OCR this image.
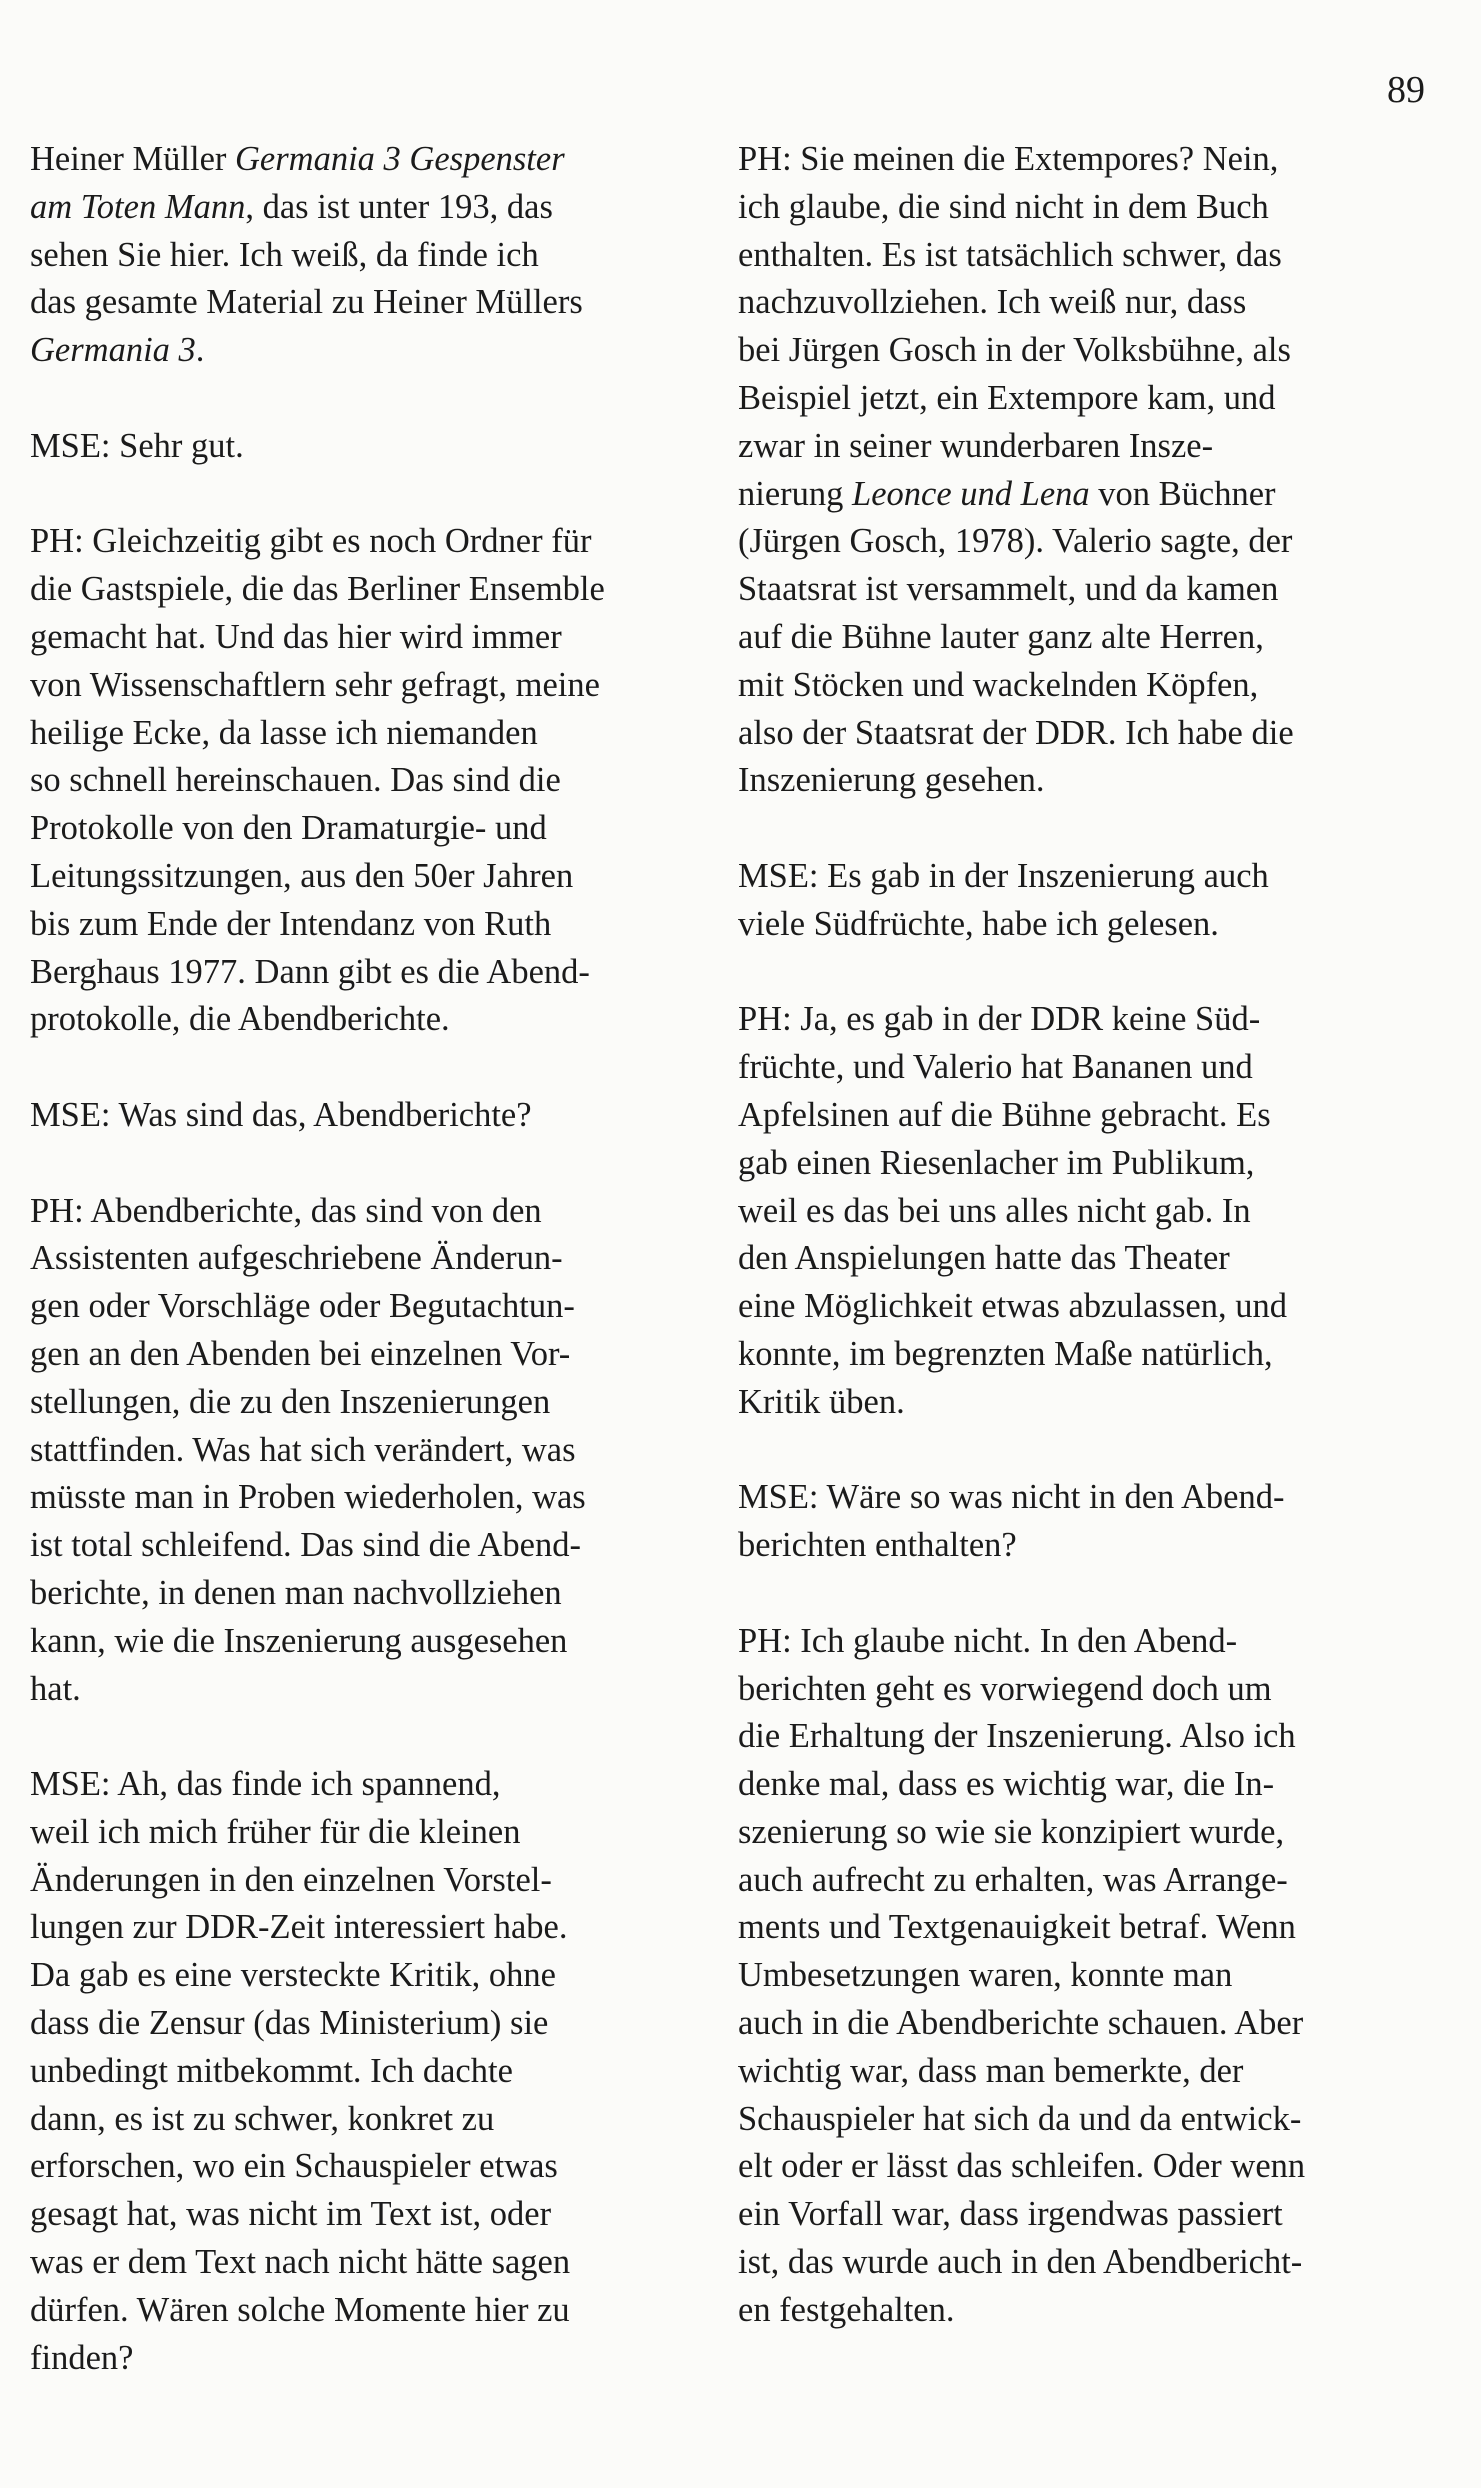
89
Heiner Müller Germania 3 Gespenster
am Toten Mann, das ist unter 193, das
sehen Sie hier. Ich weiß, da finde ich
das gesamte Material zu Heiner Müllers
Germania 3.
MSE: Sehr gut.
PH: Gleichzeitig gibt es noch Ordner für
die Gastspiele, die das Berliner Ensemble
gemacht hat. Und das hier wird immer
von Wissenschaftlern sehr gefragt, meine
heilige Ecke, da lasse ich niemanden
so schnell hereinschauen. Das sind die
Protokolle von den Dramaturgie- und
Leitungssitzungen, aus den 50er Jahren
bis zum Ende der Intendanz von Ruth
Berghaus 1977. Dann gibt es die Abend-
protokolle, die Abendberichte.
MSE: Was sind das, Abendberichte?
PH: Abendberichte, das sind von den
Assistenten aufgeschriebene Änderun-
gen oder Vorschläge oder Begutachtun-
gen an den Abenden bei einzelnen Vor-
stellungen, die zu den Inszenierungen
stattfinden. Was hat sich verändert, was
müsste man in Proben wiederholen, was
ist total schleifend. Das sind die Abend-
berichte, in denen man nachvollziehen
kann, wie die Inszenierung ausgesehen
hat.
MSE: Ah, das finde ich spannend,
weil ich mich früher für die kleinen
Änderungen in den einzelnen Vorstel-
lungen zur DDR-Zeit interessiert habe.
Da gab es eine versteckte Kritik, ohne
dass die Zensur (das Ministerium) sie
unbedingt mitbekommt. Ich dachte
dann, es ist zu schwer, konkret zu
erforschen, wo ein Schauspieler etwas
gesagt hat, was nicht im Text ist, oder
was er dem Text nach nicht hätte sagen
dürfen. Wären solche Momente hier zu
finden?
PH: Sie meinen die Extempores? Nein,
ich glaube, die sind nicht in dem Buch
enthalten. Es ist tatsächlich schwer, das
nachzuvollziehen. Ich weiß nur, dass
bei Jürgen Gosch in der Volksbühne, als
Beispiel jetzt, ein Extempore kam, und
zwar in seiner wunderbaren Insze-
nierung Leonce und Lena von Büchner
(Jürgen Gosch, 1978). Valerio sagte, der
Staatsrat ist versammelt, und da kamen
auf die Bühne lauter ganz alte Herren,
mit Stöcken und wackelnden Köpfen,
also der Staatsrat der DDR. Ich habe die
Inszenierung gesehen.
MSE: Es gab in der Inszenierung auch
viele Südfrüchte, habe ich gelesen.
PH: Ja, es gab in der DDR keine Süd-
früchte, und Valerio hat Bananen und
Apfelsinen auf die Bühne gebracht. Es
gab einen Riesenlacher im Publikum,
weil es das bei uns alles nicht gab. In
den Anspielungen hatte das Theater
eine Möglichkeit etwas abzulassen, und
konnte, im begrenzten Maße natürlich,
Kritik üben.
MSE: Wäre so was nicht in den Abend-
berichten enthalten?
PH: Ich glaube nicht. In den Abend-
berichten geht es vorwiegend doch um
die Erhaltung der Inszenierung. Also ich
denke mal, dass es wichtig war, die In-
szenierung so wie sie konzipiert wurde,
auch aufrecht zu erhalten, was Arrange-
ments und Textgenauigkeit betraf. Wenn
Umbesetzungen waren, konnte man
auch in die Abendberichte schauen. Aber
wichtig war, dass man bemerkte, der
Schauspieler hat sich da und da entwick-
elt oder er lässt das schleifen. Oder wenn
ein Vorfall war, dass irgendwas passiert
ist, das wurde auch in den Abendbericht-
en festgehalten.
